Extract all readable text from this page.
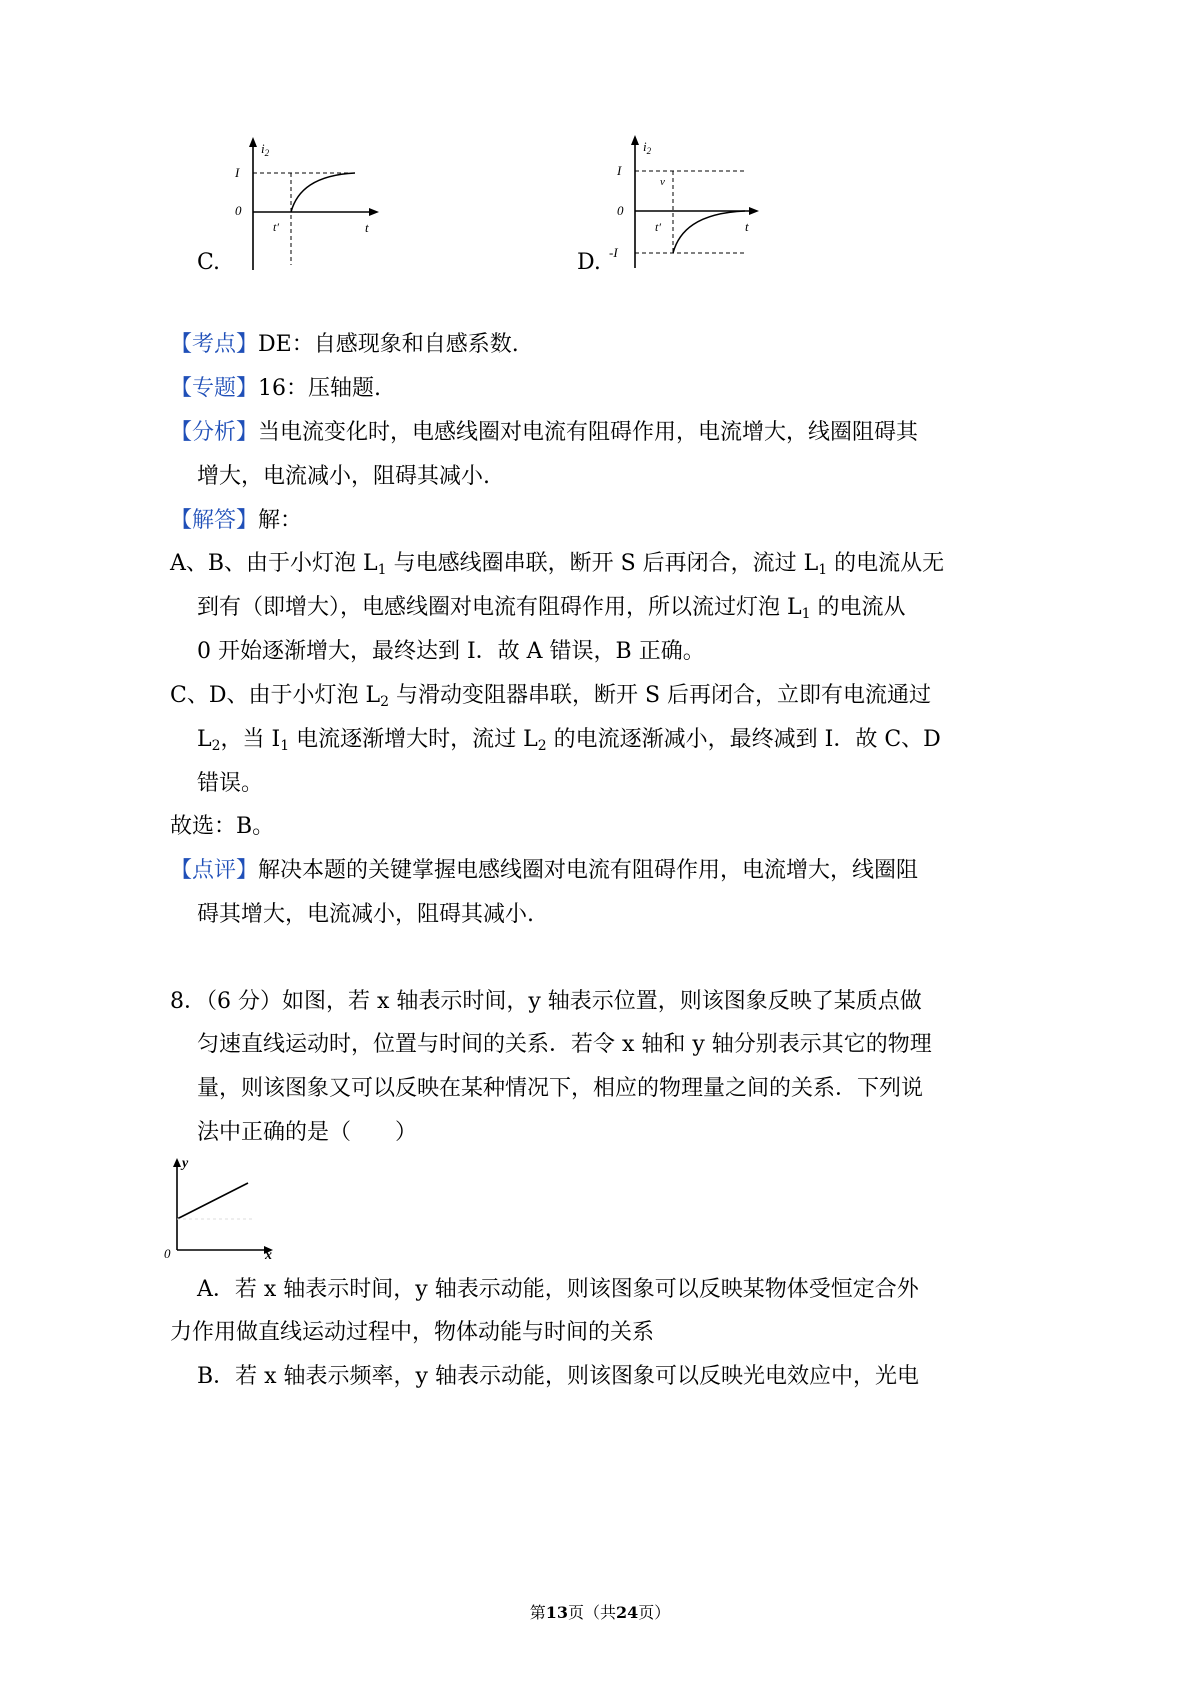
C.
$i_2$
I
0
t′	t
D.
$i_2$
I
v
0
t′	t
-I
【考点】DE：自感现象和自感系数.
【专题】16：压轴题.
【分析】当电流变化时，电感线圈对电流有阻碍作用，电流增大，线圈阻碍其
增大，电流减小，阻碍其减小.
【解答】解：
A、B、由于小灯泡 $L_1$ 与电感线圈串联，断开 S 后再闭合，流过 $L_1$ 的电流从无
到有（即增大），电感线圈对电流有阻碍作用，所以流过灯泡 $L_1$ 的电流从
0 开始逐渐增大，最终达到 I．故 A 错误，B 正确。
C、D、由于小灯泡 $L_2$ 与滑动变阻器串联，断开 S 后再闭合，立即有电流通过
$L_2$，当 $I_1$ 电流逐渐增大时，流过 $L_2$ 的电流逐渐减小，最终减到 I．故 C、D
错误。
故选：B。
【点评】解决本题的关键掌握电感线圈对电流有阻碍作用，电流增大，线圈阻
碍其增大，电流减小，阻碍其减小.
8．（6 分）如图，若 x 轴表示时间，y 轴表示位置，则该图象反映了某质点做
匀速直线运动时，位置与时间的关系．若令 x 轴和 y 轴分别表示其它的物理
量，则该图象又可以反映在某种情况下，相应的物理量之间的关系．下列说
法中正确的是（　　）
y
0	x
A．若 x 轴表示时间，y 轴表示动能，则该图象可以反映某物体受恒定合外
力作用做直线运动过程中，物体动能与时间的关系
B．若 x 轴表示频率，y 轴表示动能，则该图象可以反映光电效应中，光电
第13页（共24页）
